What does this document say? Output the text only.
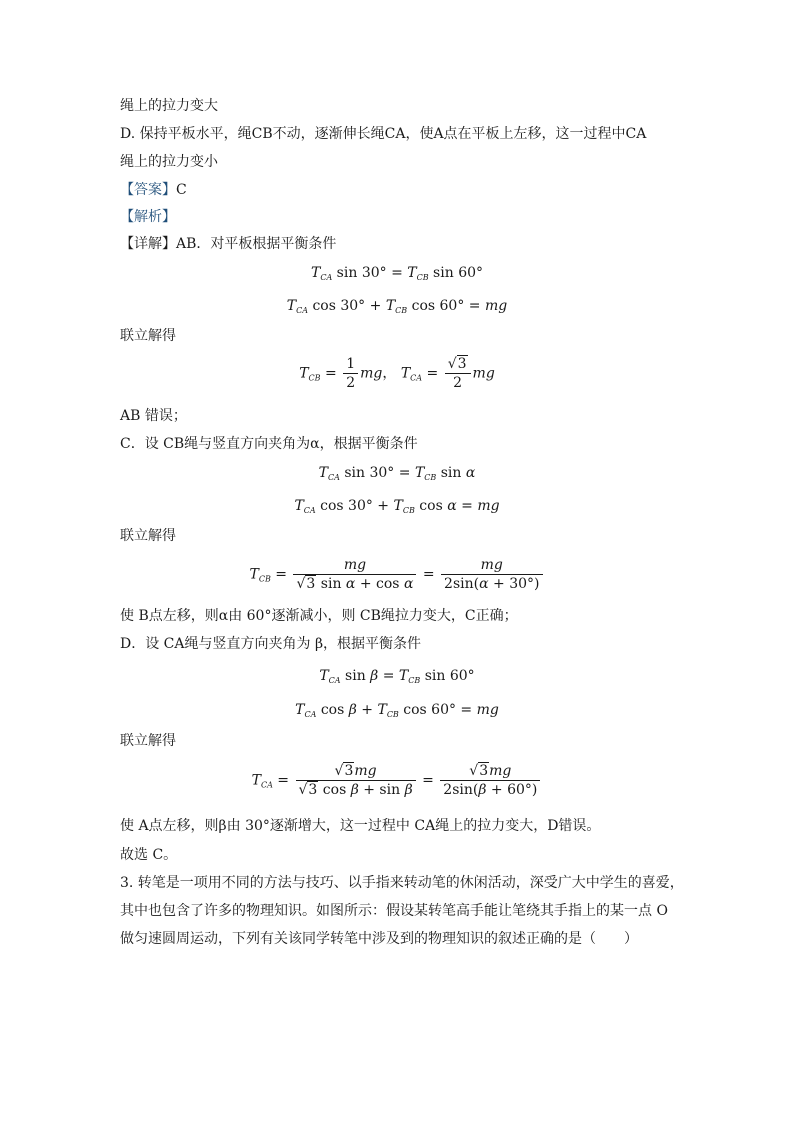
绳上的拉力变大
D. 保持平板水平，绳CB不动，逐渐伸长绳CA，使A点在平板上左移，这一过程中CA
绳上的拉力变小
【答案】C
【解析】
【详解】AB．对平板根据平衡条件
$T_{CA}$ $\sin 30^\circ = T_{CB}$ sin 60°
$T_{CA}$ $\cos 30^\circ + T_{CB}$ cos 60° = mg
联立解得
$T_{CB} = \frac{1}{2}$ mg， $T_{CA} = \frac{√3}{2}$ mg
AB 错误；
C．设 CB绳与竖直方向夹角为α，根据平衡条件
$T_{CA}$ $\sin 30^\circ = T_{CB}$ sin α
$T_{CA}$ $\cos 30^\circ + T_{CB}$ cos α = mg
联立解得
$T_{CB} = \frac{mg}{\text{√3 sin α + cos α}} = \frac{mg}{2\sin(\alpha + 30^\circ)}$
使 B点左移，则α由 60°逐渐减小，则 CB绳拉力变大，C正确；
D．设 CA绳与竖直方向夹角为 β，根据平衡条件
$T_{CA}$ $\sin \beta = T_{CB}$ sin 60°
$T_{CA}$ $\cos \beta + T_{CB}$ cos 60° = mg
联立解得
$T_{CA} = \frac{√3mg}{\text{√3 cos β + sin β}} = \frac{√3mg}{2\sin(\beta + 60^\circ)}$
使 A点左移，则β由 30°逐渐增大，这一过程中 CA绳上的拉力变大，D错误。
故选 C。
3. 转笔是一项用不同的方法与技巧、以手指来转动笔的休闲活动，深受广大中学生的喜爱，
其中也包含了许多的物理知识。如图所示：假设某转笔高手能让笔绕其手指上的某一点 O
做匀速圆周运动，下列有关该同学转笔中涉及到的物理知识的叙述正确的是（　　）
